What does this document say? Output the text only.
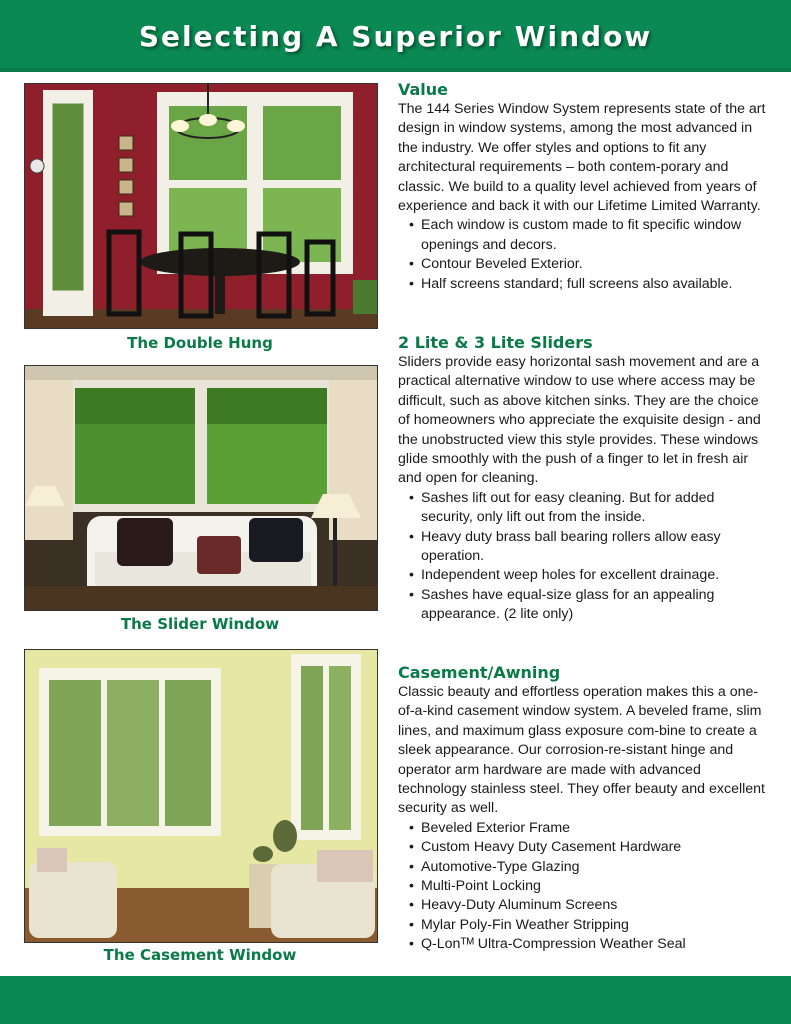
Selecting A Superior Window
The Double Hung
The Slider Window
The Casement Window
Value

The 144 Series Window System represents state of the art design in window systems, among the most advanced in the industry. We offer styles and options to fit any architectural requirements – both contem-porary and classic. We build to a quality level achieved from years of experience and back it with our Lifetime Limited Warranty.

• Each window is custom made to fit specific window openings and decors.
• Contour Beveled Exterior.
• Half screens standard; full screens also available.
2 Lite & 3 Lite Sliders

Sliders provide easy horizontal sash movement and are a practical alternative window to use where access may be difficult, such as above kitchen sinks. They are the choice of homeowners who appreciate the exquisite design - and the unobstructed view this style provides. These windows glide smoothly with the push of a finger to let in fresh air and open for cleaning.

• Sashes lift out for easy cleaning. But for added security, only lift out from the inside.
• Heavy duty brass ball bearing rollers allow easy operation.
• Independent weep holes for excellent drainage.
• Sashes have equal-size glass for an appealing appearance. (2 lite only)
Casement/Awning

Classic beauty and effortless operation makes this a one-of-a-kind casement window system. A beveled frame, slim lines, and maximum glass exposure com-bine to create a sleek appearance. Our corrosion-re-sistant hinge and operator arm hardware are made with advanced technology stainless steel. They offer beauty and excellent security as well.

• Beveled Exterior Frame
• Custom Heavy Duty Casement Hardware
• Automotive-Type Glazing
• Multi-Point Locking
• Heavy-Duty Aluminum Screens
• Mylar Poly-Fin Weather Stripping
• Q-Lonᵀᴹ Ultra-Compression Weather Seal
